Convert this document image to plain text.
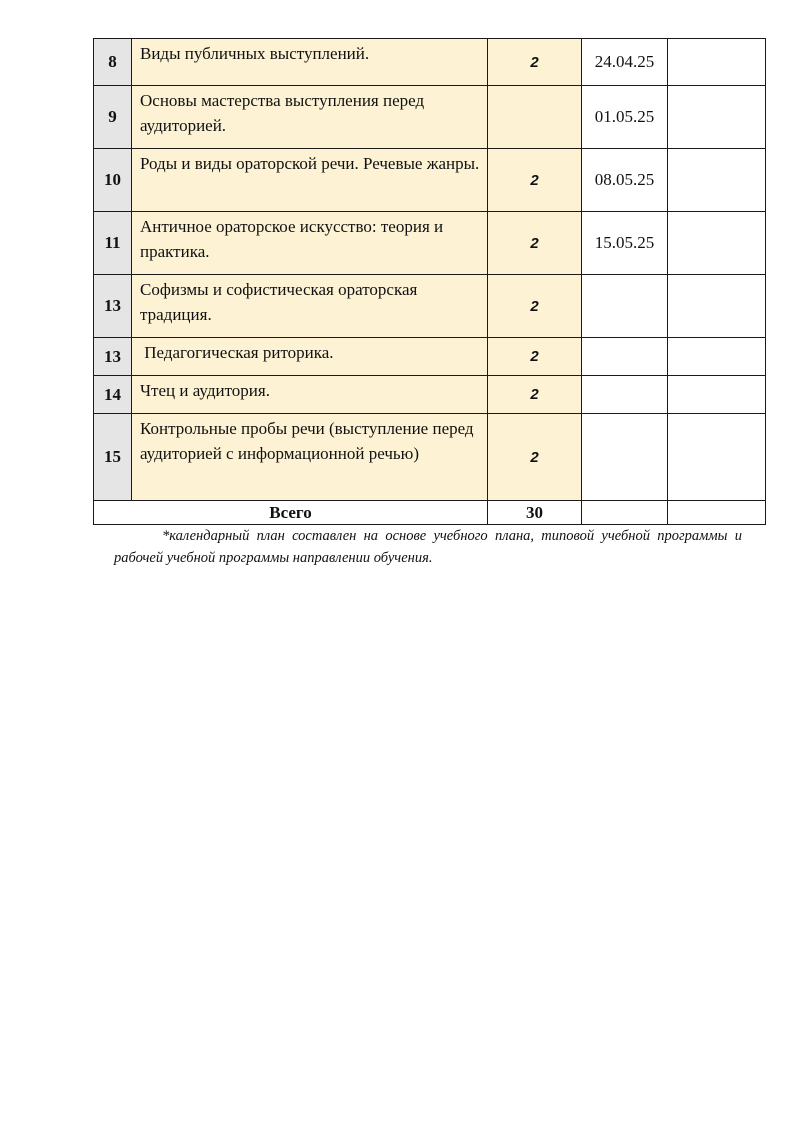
8	Виды публичных выступлений.	2	24.04.25	
9	Основы мастерства выступления перед аудиторией.		01.05.25	
10	Роды и виды ораторской речи. Речевые жанры.	2	08.05.25	
11	Античное ораторское искусство: теория и практика.	2	15.05.25	
13	Софизмы и софистическая ораторская традиция.	2		
13	Педагогическая риторика.	2		
14	Чтец и аудитория.	2		
15	Контрольные пробы речи (выступление перед аудиторией с информационной речью)	2		
Всего		30		

*календарный план составлен на основе учебного плана, типовой учебной программы и рабочей учебной программы направлении обучения.
